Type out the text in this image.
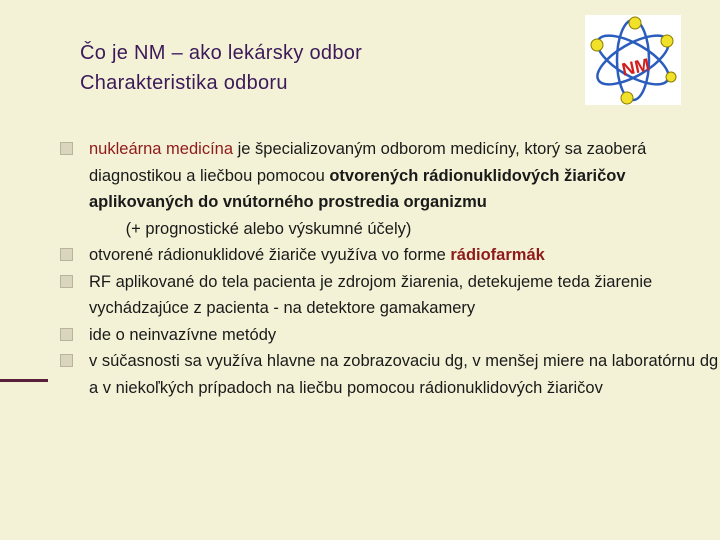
Čo je NM – ako lekársky odbor
Charakteristika odboru
NM
nukleárna medicína je špecializovaným odborom medicíny, ktorý sa zaoberá diagnostikou a liečbou pomocou otvorených rádionuklidových žiaričov aplikovaných do vnútorného prostredia organizmu        (+ prognostické alebo výskumné účely)
otvorené rádionuklidové žiariče využíva vo forme rádiofarmák
RF aplikované do tela pacienta je zdrojom žiarenia, detekujeme teda žiarenie vychádzajúce z pacienta - na detektore gamakamery
ide o neinvazívne metódy
v súčasnosti sa využíva hlavne na zobrazovaciu dg, v menšej miere na laboratórnu dg a v niekoľkých prípadoch na liečbu pomocou rádionuklidových žiaričov
